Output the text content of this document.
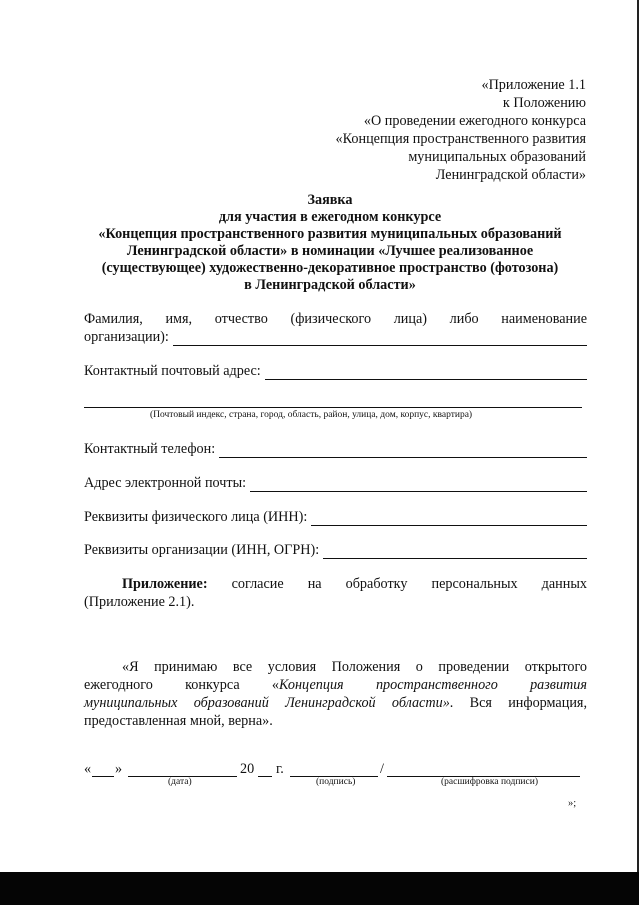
«Приложение 1.1
к Положению
«О проведении ежегодного конкурса
«Концепция пространственного развития
муниципальных образований
Ленинградской области»
Заявка
для участия в ежегодном конкурсе
«Концепция пространственного развития муниципальных образований
Ленинградской области» в номинации «Лучшее реализованное
(существующее) художественно-декоративное пространство (фотозона)
в Ленинградской области»
Фамилия, имя, отчество (физического лица) либо наименование
организации):
Контактный почтовый адрес:
(Почтовый индекс, страна, город, область, район, улица, дом, корпус, квартира)
Контактный телефон:
Адрес электронной почты:
Реквизиты физического лица (ИНН):
Реквизиты организации (ИНН, ОГРН):
Приложение: согласие на обработку персональных данных
(Приложение 2.1).
«Я принимаю все условия Положения о проведении открытого
ежегодного конкурса «Концепция пространственного развития
муниципальных образований Ленинградской области». Вся информация,
предоставленная мной, верна».
«	»	20 г.	/
(дата)	(подпись)	(расшифровка подписи)
»;
